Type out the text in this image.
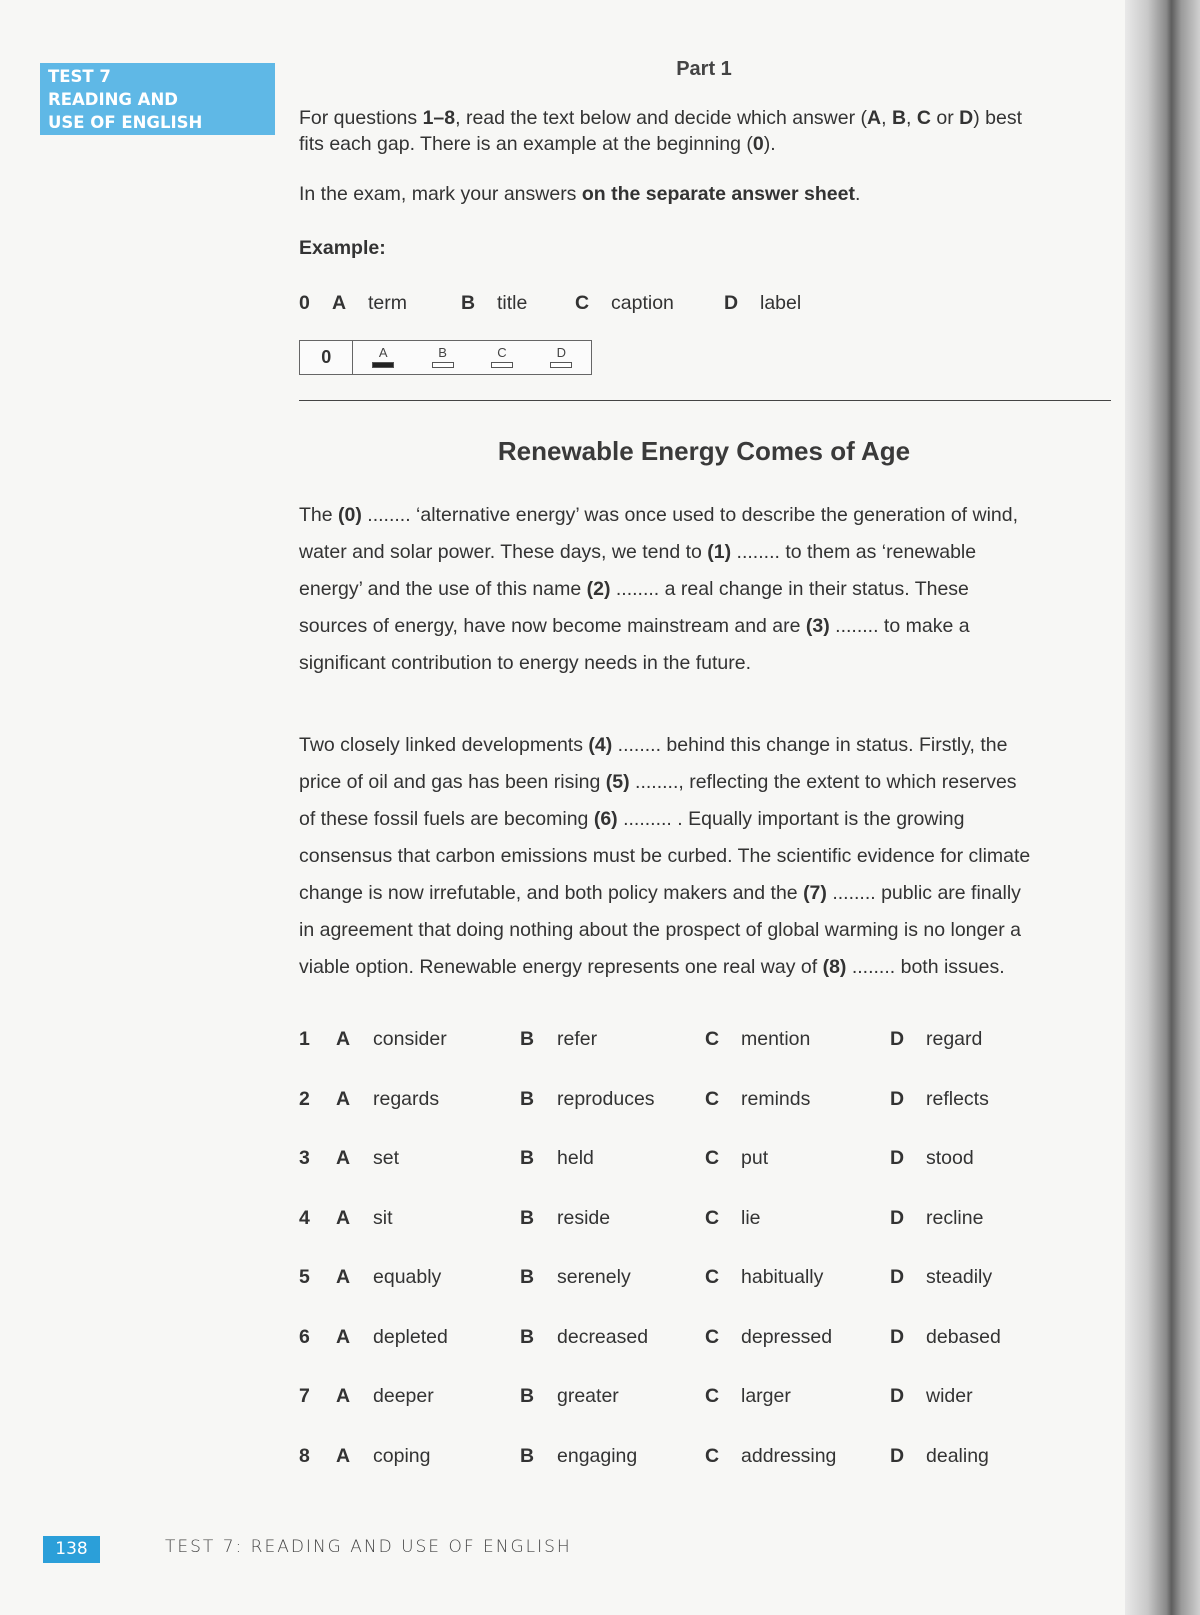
TEST 7
READING AND
USE OF ENGLISH
Part 1
For questions 1–8, read the text below and decide which answer (A, B, C or D) best
fits each gap. There is an example at the beginning (0).
In the exam, mark your answers on the separate answer sheet.
Example:
0 A term	B title C caption	D label
0	A	B	C	D
Renewable Energy Comes of Age
The (0) ........ ‘alternative energy’ was once used to describe the generation of wind,
water and solar power. These days, we tend to (1) ........ to them as ‘renewable
energy’ and the use of this name (2) ........ a real change in their status. These
sources of energy, have now become mainstream and are (3) ........ to make a
significant contribution to energy needs in the future.
Two closely linked developments (4) ........ behind this change in status. Firstly, the
price of oil and gas has been rising (5) ........, reflecting the extent to which reserves
of these fossil fuels are becoming (6) ......... . Equally important is the growing
consensus that carbon emissions must be curbed. The scientific evidence for climate
change is now irrefutable, and both policy makers and the (7) ........ public are finally
in agreement that doing nothing about the prospect of global warming is no longer a
viable option. Renewable energy represents one real way of (8) ........ both issues.
1 A consider	B refer	C mention	D regard
2 A regards	B reproduces	C reminds	D reflects
3 A set	B held	C put	D stood
4 A sit	B reside	C lie	D recline
5 A equably	B serenely	C habitually	D steadily
6 A depleted	B decreased	C depressed	D debased
7 A deeper	B greater	C larger	D wider
8 A coping	B engaging	C addressing	D dealing
138	TEST 7: READING AND USE OF ENGLISH
